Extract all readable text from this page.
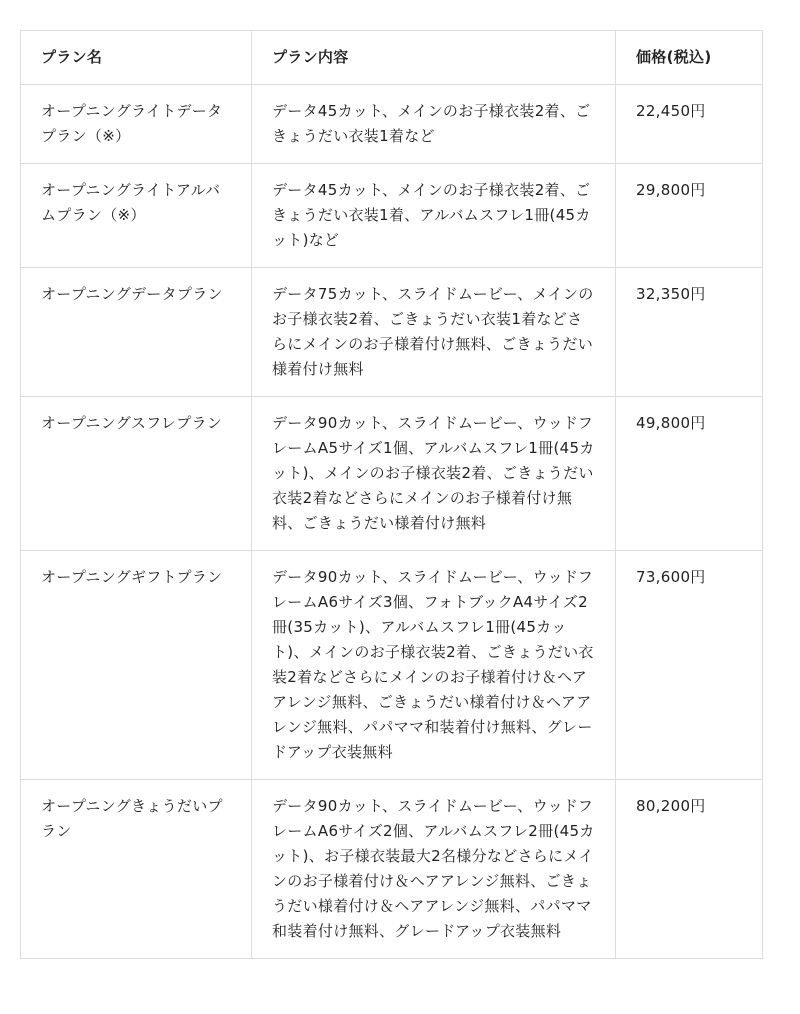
プラン名	プラン内容	価格(税込)
オープニングライトデータプラン（※）	データ45カット、メインのお子様衣装2着、ごきょうだい衣装1着など	22,450円
オープニングライトアルバムプラン（※）	データ45カット、メインのお子様衣装2着、ごきょうだい衣装1着、アルバムスフレ1冊(45カット)など	29,800円
オープニングデータプラン	データ75カット、スライドムービー、メインのお子様衣装2着、ごきょうだい衣装1着などさらにメインのお子様着付け無料、ごきょうだい様着付け無料	32,350円
オープニングスフレプラン	データ90カット、スライドムービー、ウッドフレームA5サイズ1個、アルバムスフレ1冊(45カット)、メインのお子様衣装2着、ごきょうだい衣装2着などさらにメインのお子様着付け無料、ごきょうだい様着付け無料	49,800円
オープニングギフトプラン	データ90カット、スライドムービー、ウッドフレームA6サイズ3個、フォトブックA4サイズ2冊(35カット)、アルバムスフレ1冊(45カット)、メインのお子様衣装2着、ごきょうだい衣装2着などさらにメインのお子様着付け＆ヘアアレンジ無料、ごきょうだい様着付け＆ヘアアレンジ無料、パパママ和装着付け無料、グレードアップ衣装無料	73,600円
オープニングきょうだいプラン	データ90カット、スライドムービー、ウッドフレームA6サイズ2個、アルバムスフレ2冊(45カット)、お子様衣装最大2名様分などさらにメインのお子様着付け＆ヘアアレンジ無料、ごきょうだい様着付け＆ヘアアレンジ無料、パパママ和装着付け無料、グレードアップ衣装無料	80,200円
